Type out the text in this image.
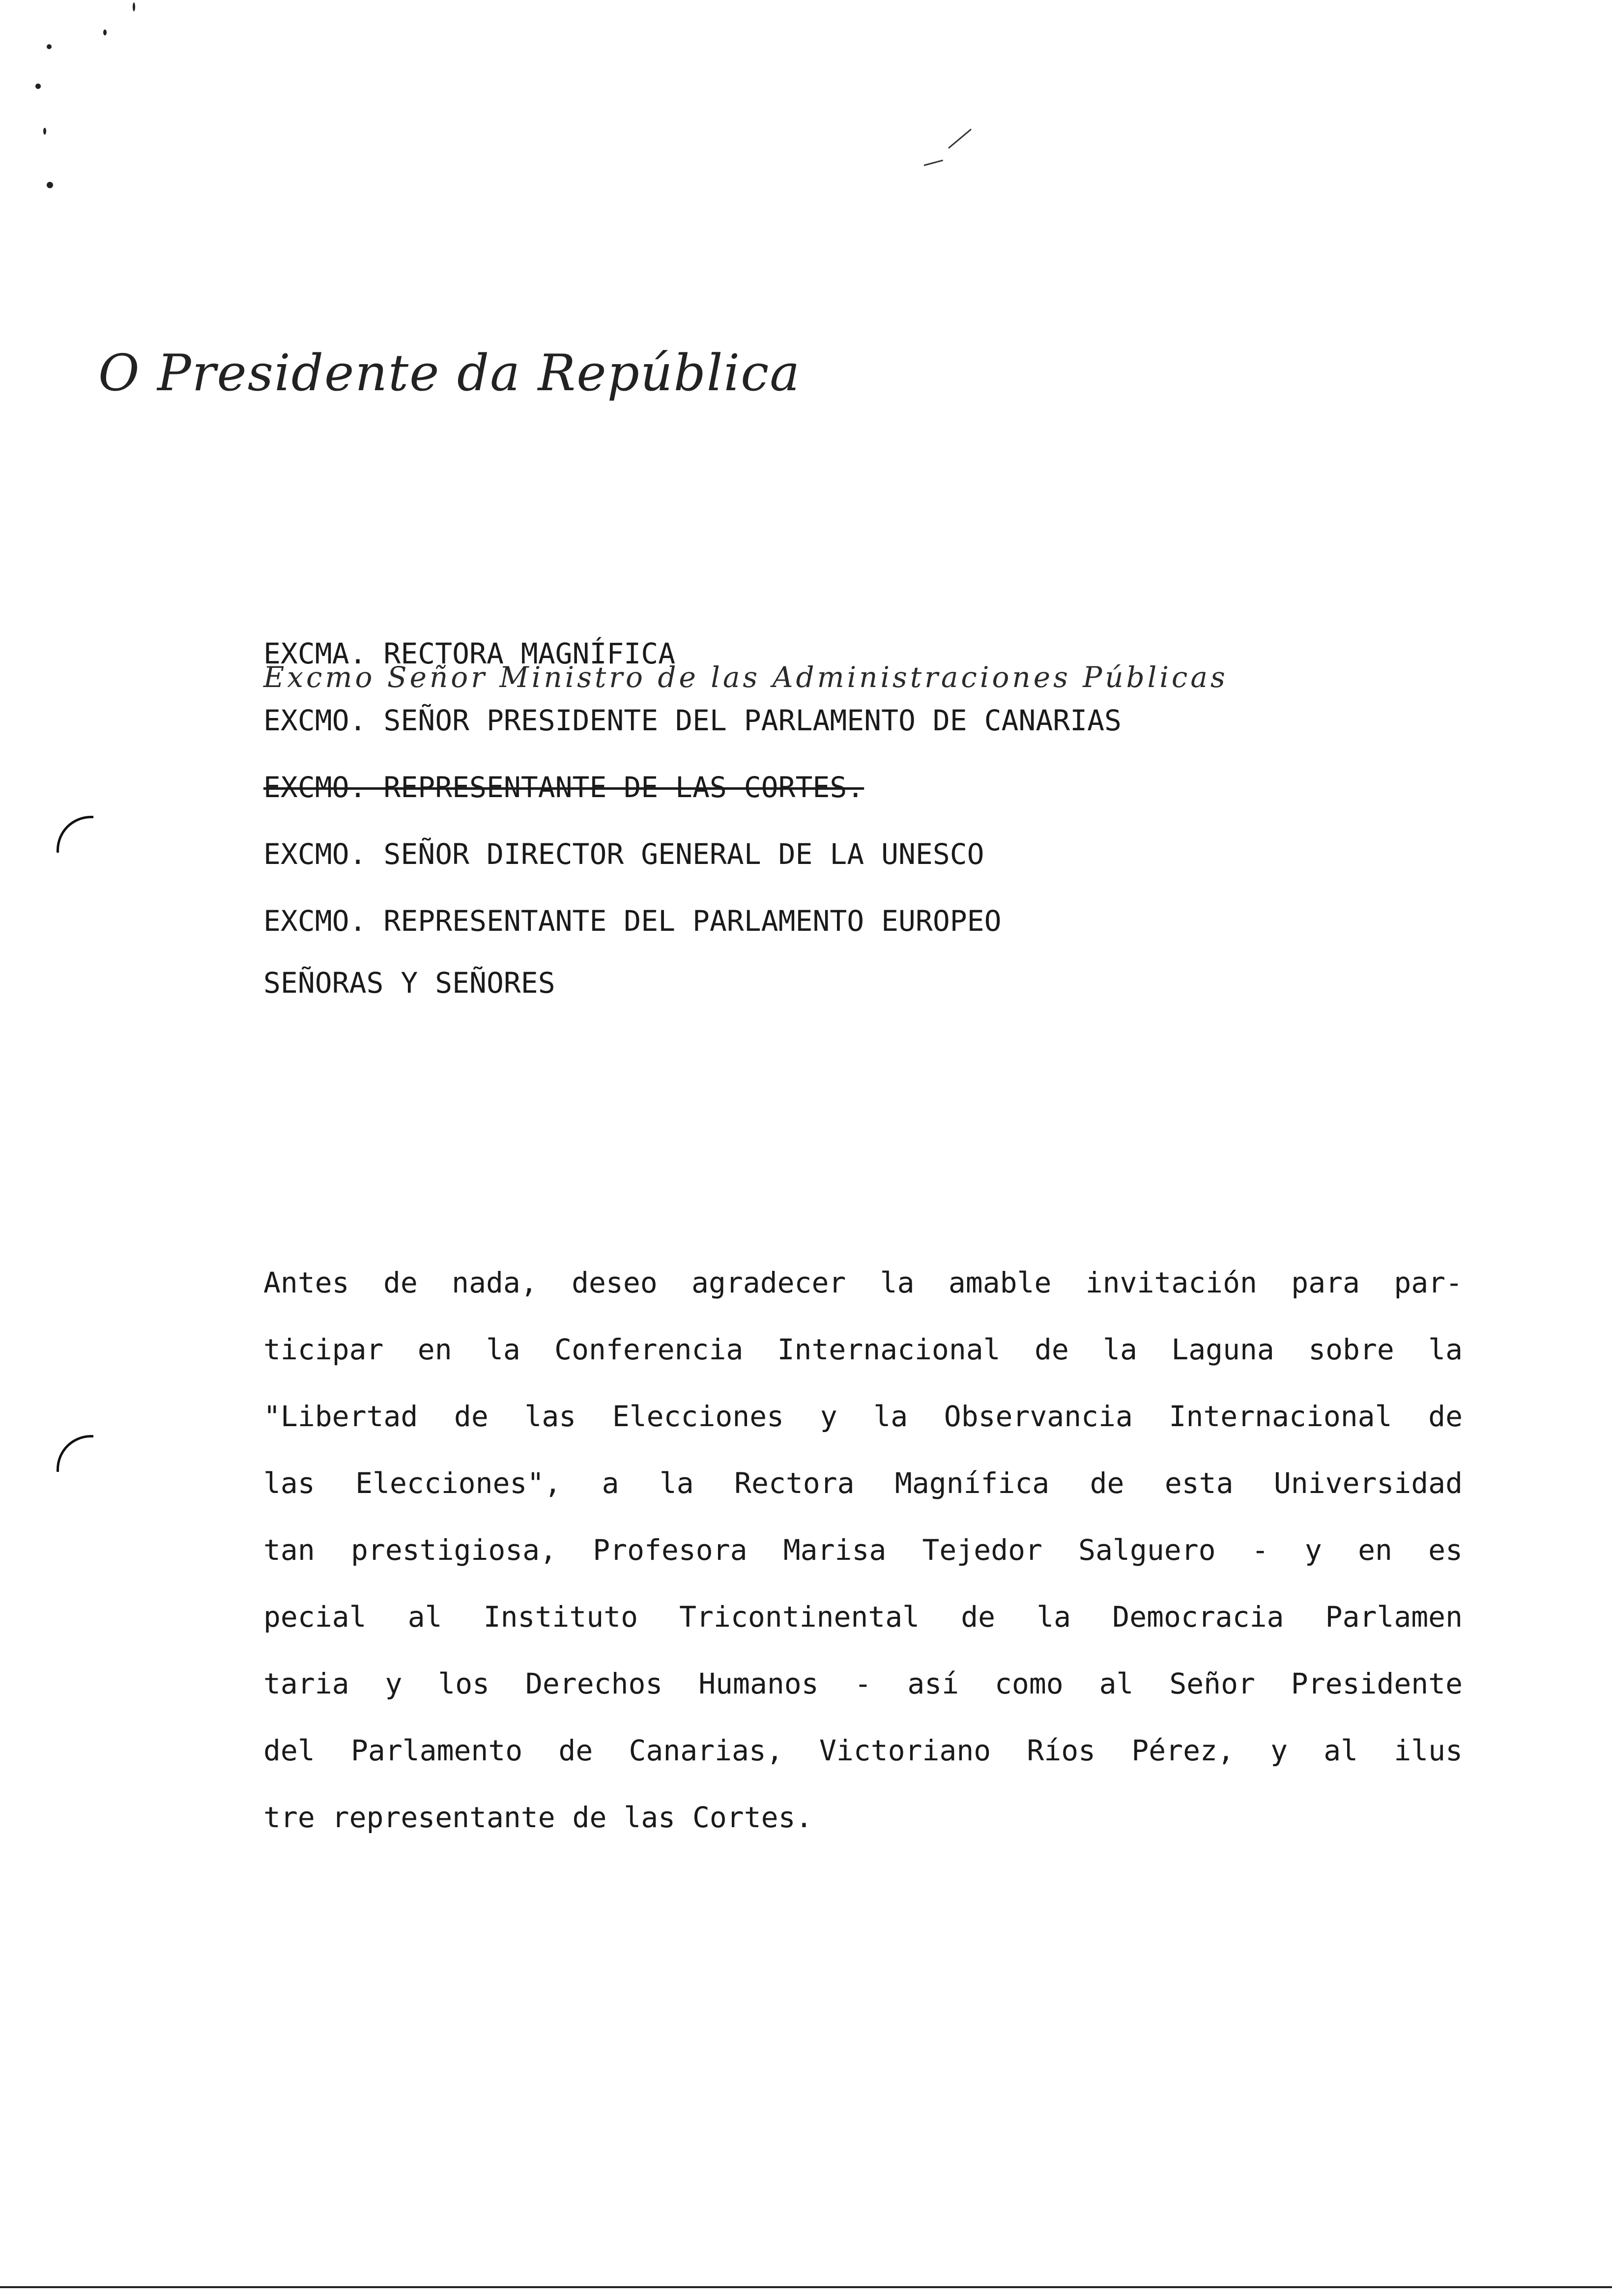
O Presidente da República
EXCMA. RECTORA MAGNÍFICA
Excmo Señor Ministro de las Administraciones Públicas
EXCMO. SEÑOR PRESIDENTE DEL PARLAMENTO DE CANARIAS
EXCMO. REPRESENTANTE DE LAS CORTES.
EXCMO. SEÑOR DIRECTOR GENERAL DE LA UNESCO
EXCMO. REPRESENTANTE DEL PARLAMENTO EUROPEO
SEÑORAS Y SEÑORES
Antes de nada, deseo agradecer la amable invitación para par-
ticipar en la Conferencia Internacional de la Laguna sobre la
"Libertad de las Elecciones y la Observancia Internacional de
las Elecciones", a la Rectora Magnífica de esta Universidad
tan prestigiosa, Profesora Marisa Tejedor Salguero - y en es
pecial al Instituto Tricontinental de la Democracia Parlamen
taria y los Derechos Humanos - así como al Señor Presidente
del Parlamento de Canarias, Victoriano Ríos Pérez, y al ilus
tre representante de las Cortes.
